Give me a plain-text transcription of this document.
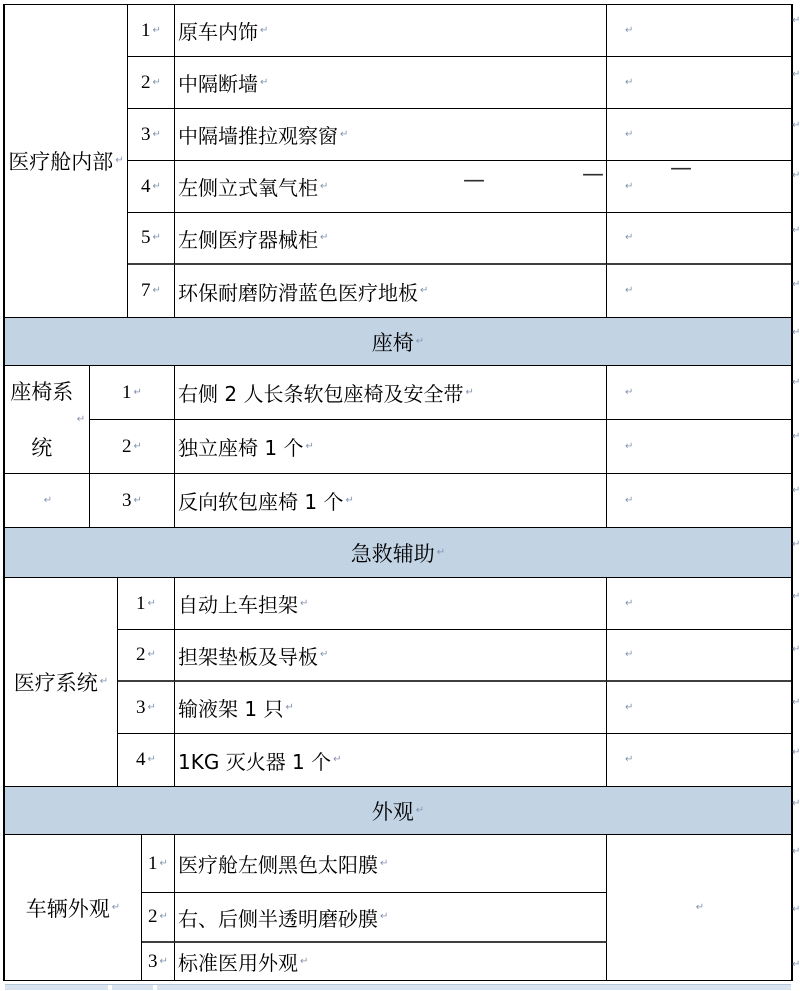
医疗舱内部 ↵
1 ↵ 原车内饰 ↵	↵
2 ↵ 中隔断墙 ↵	↵
3 ↵ 中隔墙推拉观察窗 ↵	↵
4 ↵ 左侧立式氧气柜 ↵	↵
5 ↵ 左侧医疗器械柜 ↵	↵
7 ↵ 环保耐磨防滑蓝色医疗地板 ↵	↵
座椅 ↵
座椅系统
↵
1 ↵ 右侧 2 人长条软包座椅及安全带 ↵	↵
2 ↵ 独立座椅 1 个 ↵	↵
↵	3 ↵ 反向软包座椅 1 个 ↵	↵
急救辅助 ↵
医疗系统 ↵
1 ↵ 自动上车担架 ↵	↵
2 ↵ 担架垫板及导板 ↵	↵
3 ↵ 输液架 1 只 ↵	↵
4 ↵ 1KG 灭火器 1 个 ↵	↵
外观 ↵
车辆外观 ↵	↵
1 ↵ 医疗舱左侧黑色太阳膜 ↵
2 ↵ 右、后侧半透明磨砂膜 ↵
3 ↵ 标准医用外观 ↵
—	—	—
↵
↵
↵
↵
↵
↵
↵
↵
↵
↵
↵
↵
↵
↵
↵
↵
↵
↵
↵
